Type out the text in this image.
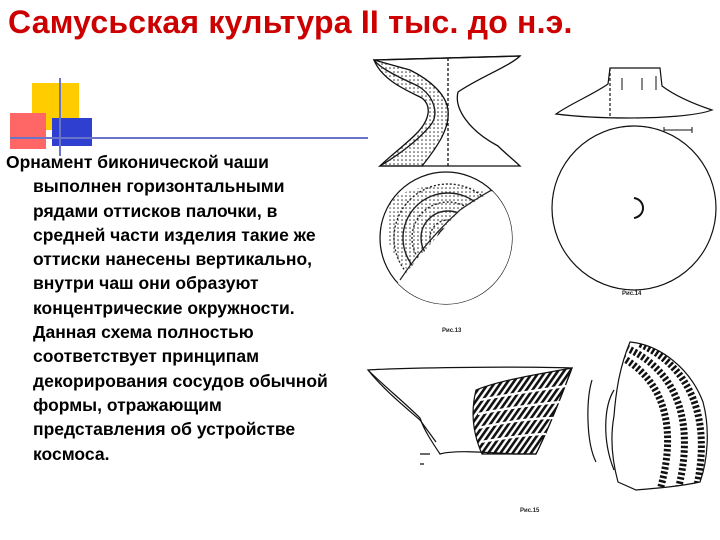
Самусьская культура II тыс. до н.э.

Орнамент биконической чаши выполнен горизонтальными рядами оттисков палочки, в средней части изделия такие же оттиски нанесены вертикально, внутри чаш они образуют концентрические окружности. Данная схема полностью соответствует принципам декорирования сосудов обычной формы, отражающим представления об устройстве космоса.

Рис.13
Рис.14
Рис.15
